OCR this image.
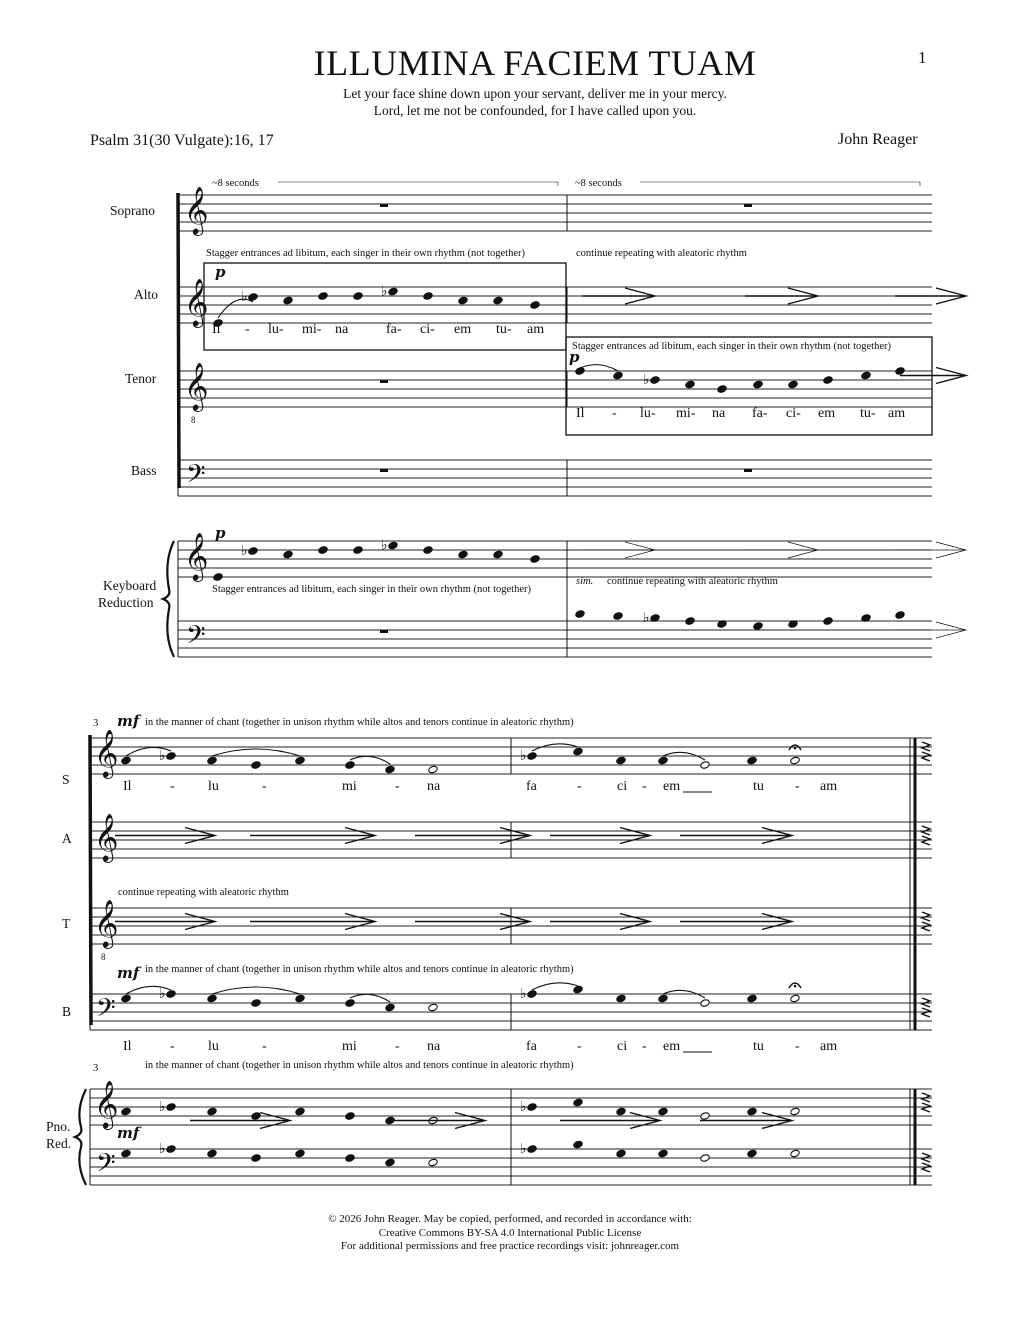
ILLUMINA FACIEM TUAM	1
Let your face shine down upon your servant, deliver me in your mercy.
Lord, let me not be confounded, for I have called upon you.
Psalm 31(30 Vulgate):16, 17	John Reager
𝄞
𝄞
𝄞
8
𝄢
𝄞
𝄢
♭	♭
♭
♭	♭
♭
𝄞
𝄞
𝄞
8
𝄢
𝄞
𝄢
♭	♭
♭	♭
♭	♭
♭	♭
Soprano
Alto
Tenor
Bass
Keyboard
Reduction
~8 seconds	~8 seconds
Stagger entrances ad libitum, each singer in their own rhythm (not together)	continue repeating with aleatoric rhythm
Stagger entrances ad libitum, each singer in their own rhythm (not together)
Stagger entrances ad libitum, each singer in their own rhythm (not together)
sim. continue repeating with aleatoric rhythm
p
p
p
Il - lu- mi- na	fa- ci- em tu- am
Il - lu- mi- na fa- ci- em tu- am
S
A
T
B
Pno.
Red.
3
3
mf in the manner of chant (together in unison rhythm while altos and tenors continue in aleatoric rhythm)
continue repeating with aleatoric rhythm
mf in the manner of chant (together in unison rhythm while altos and tenors continue in aleatoric rhythm)
in the manner of chant (together in unison rhythm while altos and tenors continue in aleatoric rhythm)
mf
Il	- lu	-	mi	- na	fa	-	ci - em	tu - am
Il	- lu	-	mi	- na	fa	-	ci - em	tu - am
© 2026 John Reager. May be copied, performed, and recorded in accordance with:
Creative Commons BY-SA 4.0 International Public License
For additional permissions and free practice recordings visit: johnreager.com
